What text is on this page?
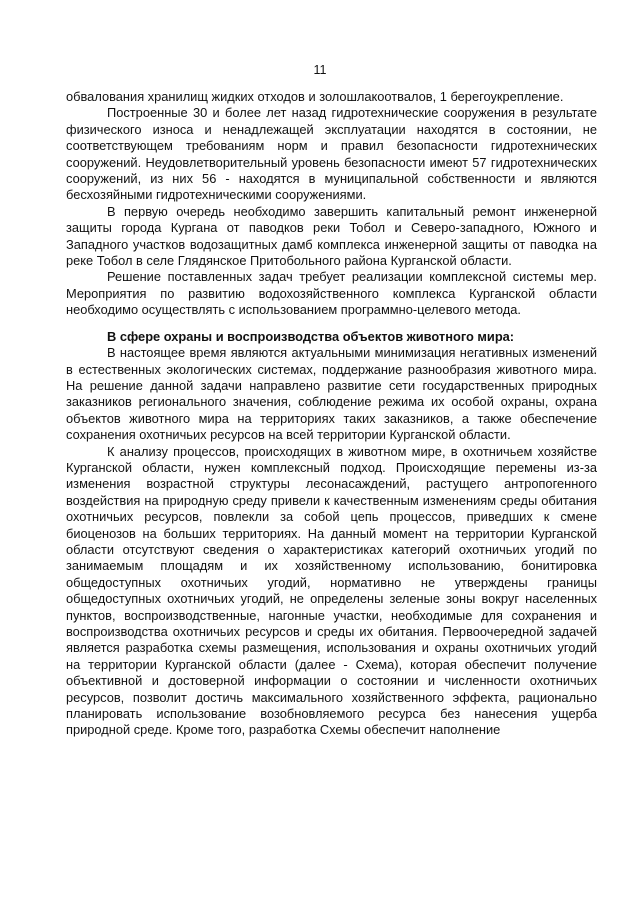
11

обвалования хранилищ жидких отходов и золошлакоотвалов, 1 берегоукрепление.

Построенные 30 и более лет назад гидротехнические сооружения в результате физического износа и ненадлежащей эксплуатации находятся в состоянии, не соответствующем требованиям норм и правил безопасности гидротехнических сооружений. Неудовлетворительный уровень безопасности имеют 57 гидротехнических сооружений, из них 56 - находятся в муниципальной собственности и являются бесхозяйными гидротехническими сооружениями.

В первую очередь необходимо завершить капитальный ремонт инженерной защиты города Кургана от паводков реки Тобол и Северо-западного, Южного и Западного участков водозащитных дамб комплекса инженерной защиты от паводка на реке Тобол в селе Глядянское Притобольного района Курганской области.

Решение поставленных задач требует реализации комплексной системы мер. Мероприятия по развитию водохозяйственного комплекса Курганской области необходимо осуществлять с использованием программно-целевого метода.

В сфере охраны и воспроизводства объектов животного мира:

В настоящее время являются актуальными минимизация негативных изменений в естественных экологических системах, поддержание разнообразия животного мира. На решение данной задачи направлено развитие сети государственных природных заказников регионального значения, соблюдение режима их особой охраны, охрана объектов животного мира на территориях таких заказников, а также обеспечение сохранения охотничьих ресурсов на всей территории Курганской области.

К анализу процессов, происходящих в животном мире, в охотничьем хозяйстве Курганской области, нужен комплексный подход. Происходящие перемены из-за изменения возрастной структуры лесонасаждений, растущего антропогенного воздействия на природную среду привели к качественным изменениям среды обитания охотничьих ресурсов, повлекли за собой цепь процессов, приведших к смене биоценозов на больших территориях. На данный момент на территории Курганской области отсутствуют сведения о характеристиках категорий охотничьих угодий по занимаемым площадям и их хозяйственному использованию, бонитировка общедоступных охотничьих угодий, нормативно не утверждены границы общедоступных охотничьих угодий, не определены зеленые зоны вокруг населенных пунктов, воспроизводственные, нагонные участки, необходимые для сохранения и воспроизводства охотничьих ресурсов и среды их обитания. Первоочередной задачей является разработка схемы размещения, использования и охраны охотничьих угодий на территории Курганской области (далее - Схема), которая обеспечит получение объективной и достоверной информации о состоянии и численности охотничьих ресурсов, позволит достичь максимального хозяйственного эффекта, рационально планировать использование возобновляемого ресурса без нанесения ущерба природной среде. Кроме того, разработка Схемы обеспечит наполнение
